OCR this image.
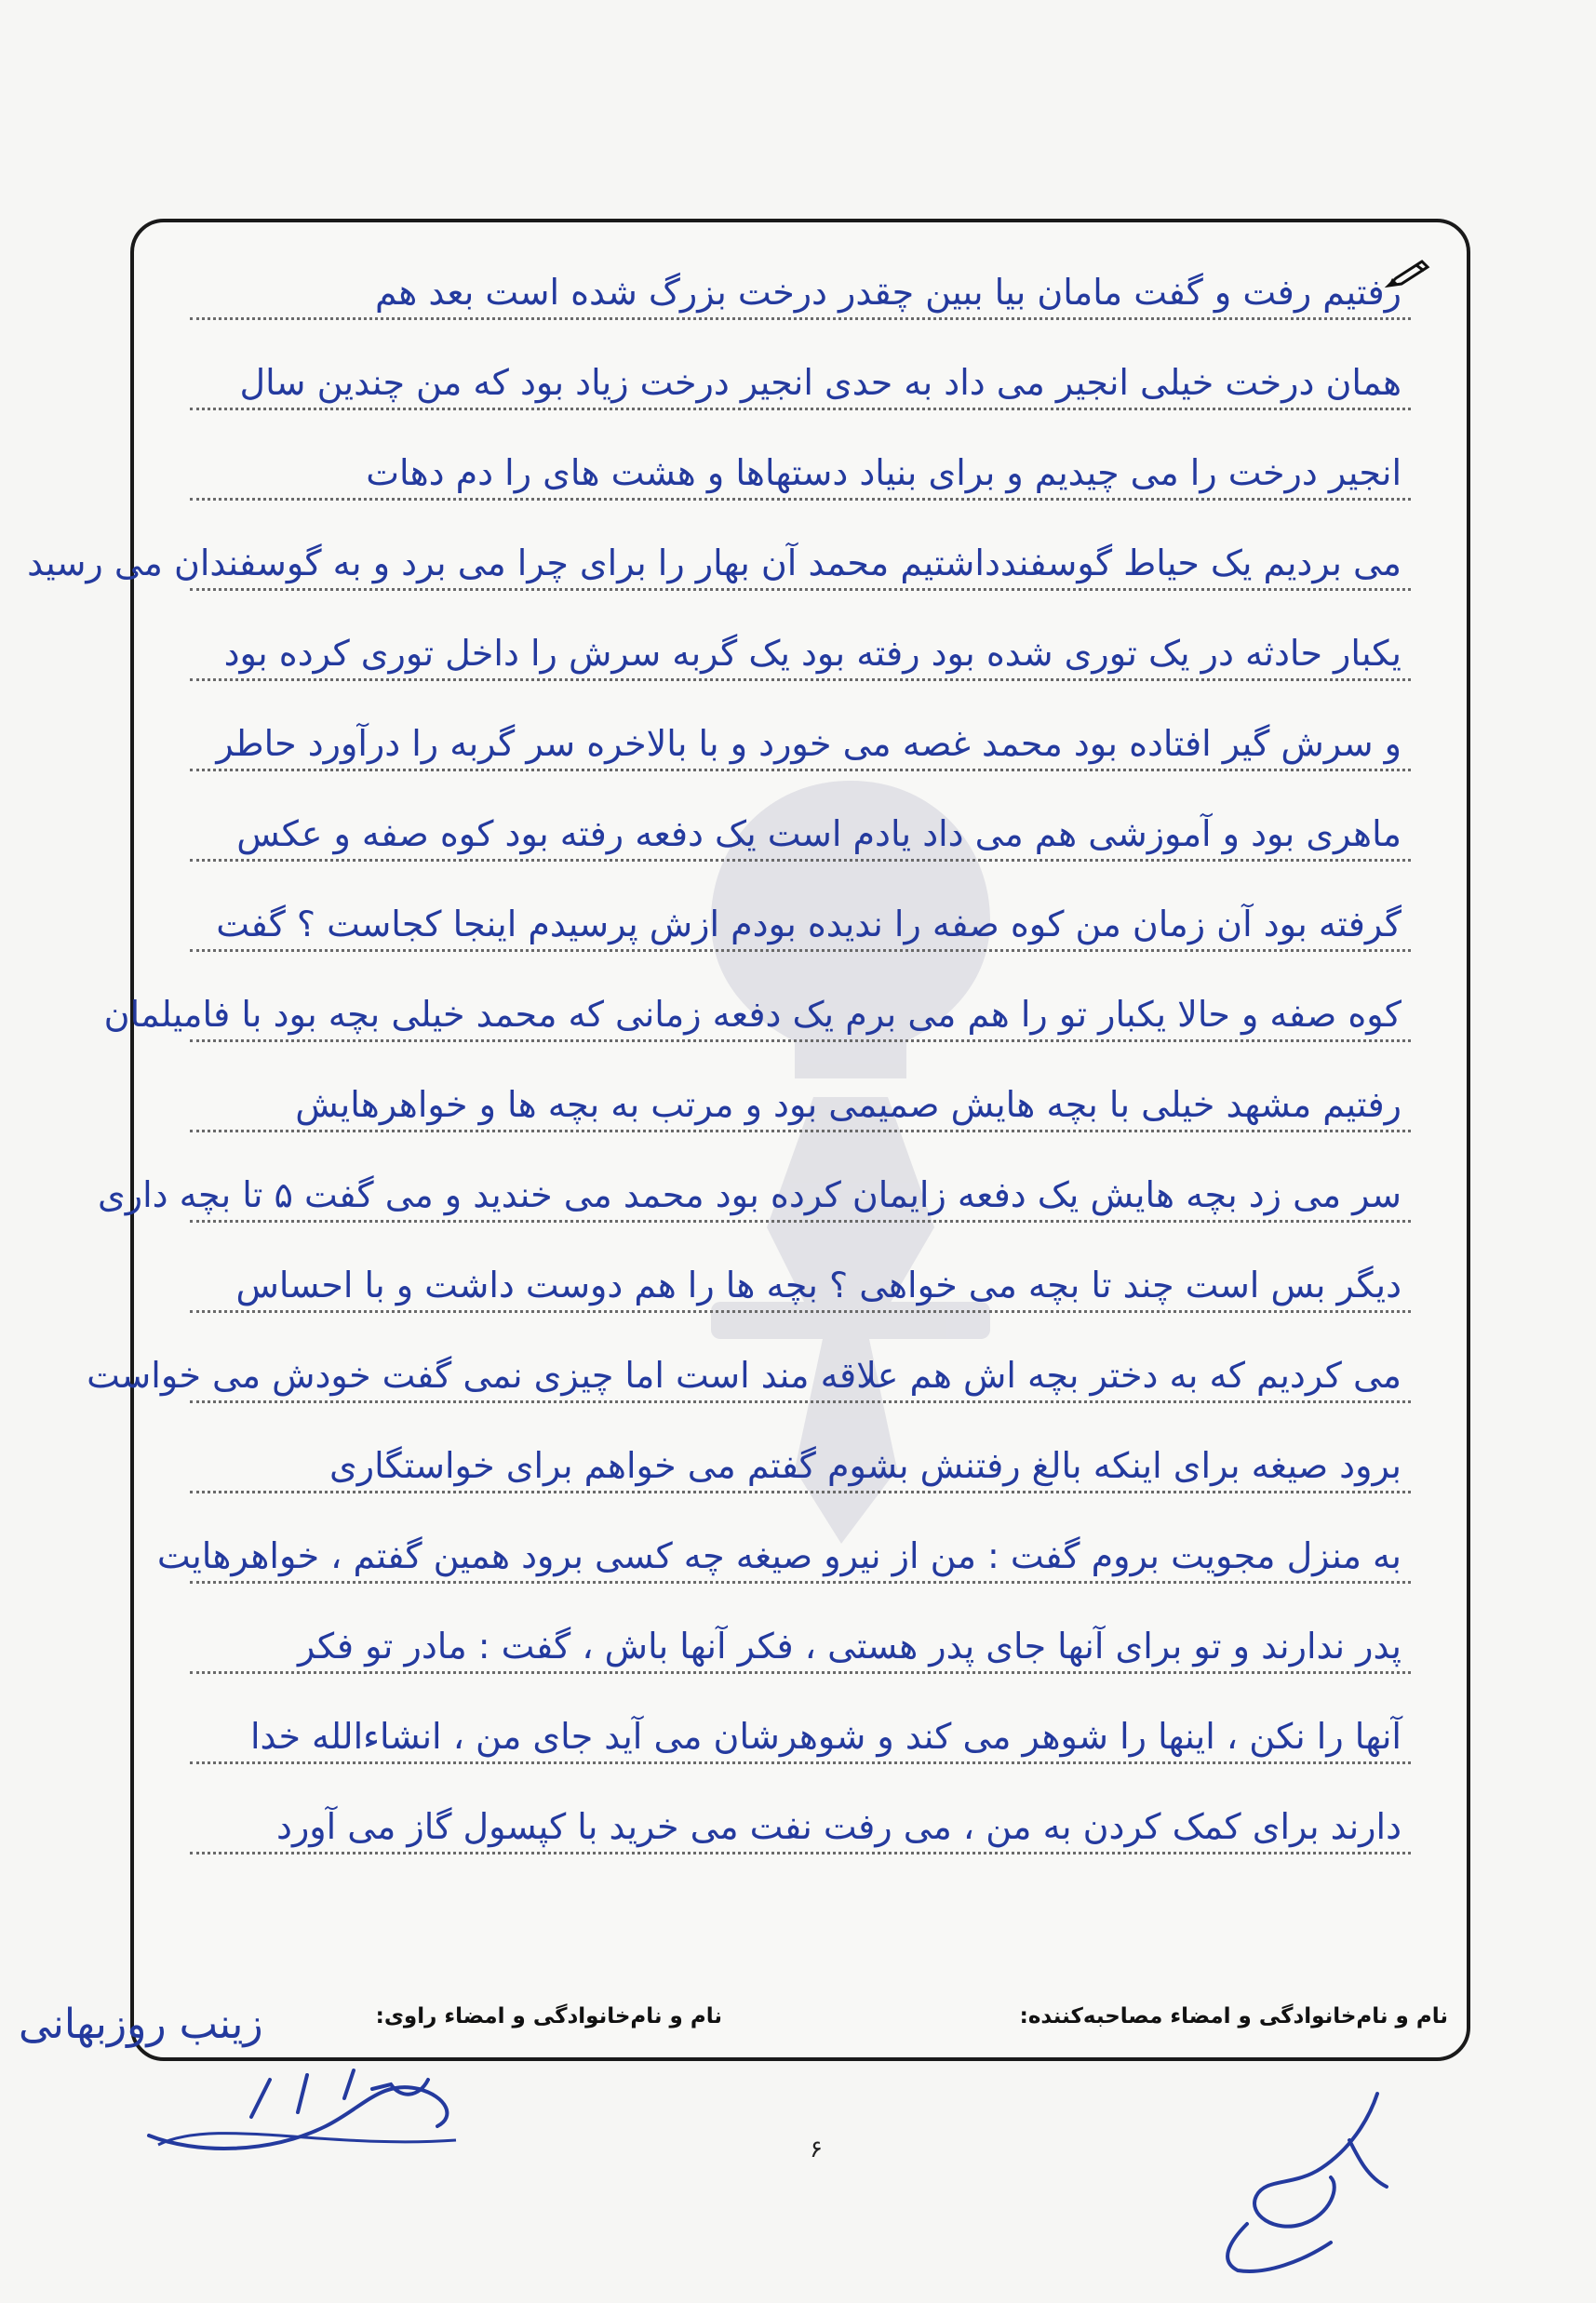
رفتیم رفت و گفت مامان بیا ببین چقدر درخت بزرگ شده است بعد هم
همان درخت خیلی انجیر می داد به حدی انجیر درخت زیاد بود که من چندین سال
انجیر درخت را می چیدیم و برای بنیاد دستهاها و هشت های را دم دهات
می بردیم یک حیاط گوسفندداشتیم محمد آن بهار را برای چرا می برد و به گوسفندان می رسید
یکبار حادثه در یک توری شده بود رفته بود یک گربه سرش را داخل توری کرده بود
و سرش گیر افتاده بود محمد غصه می خورد و با بالاخره سر گربه را درآورد حاطر
ماهری بود و آموزشی هم می داد یادم است یک دفعه رفته بود کوه صفه و عکس
گرفته بود آن زمان من کوه صفه را ندیده بودم ازش پرسیدم اینجا کجاست ؟ گفت
کوه صفه و حالا یکبار تو را هم می برم یک دفعه زمانی که محمد خیلی بچه بود با فامیلمان
رفتیم مشهد خیلی با بچه هایش صمیمی بود و مرتب به بچه ها و خواهرهایش
سر می زد بچه هایش یک دفعه زایمان کرده بود محمد می خندید و می گفت ۵ تا بچه داری
دیگر بس است چند تا بچه می خواهی ؟ بچه ها را هم دوست داشت و با احساس
می کردیم که به دختر بچه اش هم علاقه مند است اما چیزی نمی گفت خودش می خواست
برود صیغه برای اینکه بالغ رفتنش بشوم گفتم می خواهم برای خواستگاری
به منزل مجویت بروم گفت : من از نیرو صیغه چه کسی برود همین گفتم ، خواهرهایت
پدر ندارند و تو برای آنها جای پدر هستی ، فکر آنها باش ، گفت : مادر تو فکر
آنها را نکن ، اینها را شوهر می کند و شوهرشان می آید جای من ، انشاءالله خدا
دارند برای کمک کردن به من ، می رفت نفت می خرید با کپسول گاز می آورد
نام و نام‌خانوادگی و امضاء مصاحبه‌کننده:
نام و نام‌خانوادگی و امضاء راوی:
زینب روزبهانی
۶
